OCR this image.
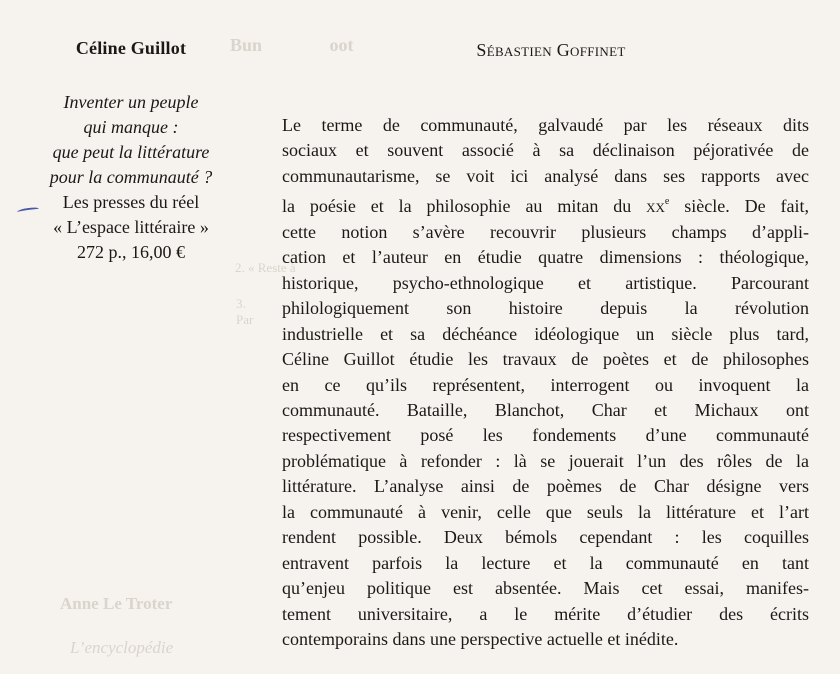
Bun               oot
2. « Reste à
3. Par
Anne Le Troter
L’encyclopédie
Céline Guillot
Inventer un peuple
qui manque :
que peut la littérature
pour la communauté ?
Les presses du réel
« L’espace littéraire »
272 p., 16,00 €
Sébastien Goffinet
Le terme de communauté, galvaudé par les réseaux dits
sociaux et souvent associé à sa déclinaison péjorativée de
communautarisme, se voit ici analysé dans ses rapports avec
la poésie et la philosophie au mitan du $xx^e$ siècle. De fait,
cette notion s’avère recouvrir plusieurs champs d’appli-
cation et l’auteur en étudie quatre dimensions : théologique,
historique, psycho-ethnologique et artistique. Parcourant
philologiquement son histoire depuis la révolution
industrielle et sa déchéance idéologique un siècle plus tard,
Céline Guillot étudie les travaux de poètes et de philosophes
en ce qu’ils représentent, interrogent ou invoquent la
communauté. Bataille, Blanchot, Char et Michaux ont
respectivement posé les fondements d’une communauté
problématique à refonder : là se jouerait l’un des rôles de la
littérature. L’analyse ainsi de poèmes de Char désigne vers
la communauté à venir, celle que seuls la littérature et l’art
rendent possible. Deux bémols cependant : les coquilles
entravent parfois la lecture et la communauté en tant
qu’enjeu politique est absentée. Mais cet essai, manifes-
tement universitaire, a le mérite d’étudier des écrits
contemporains dans une perspective actuelle et inédite.
